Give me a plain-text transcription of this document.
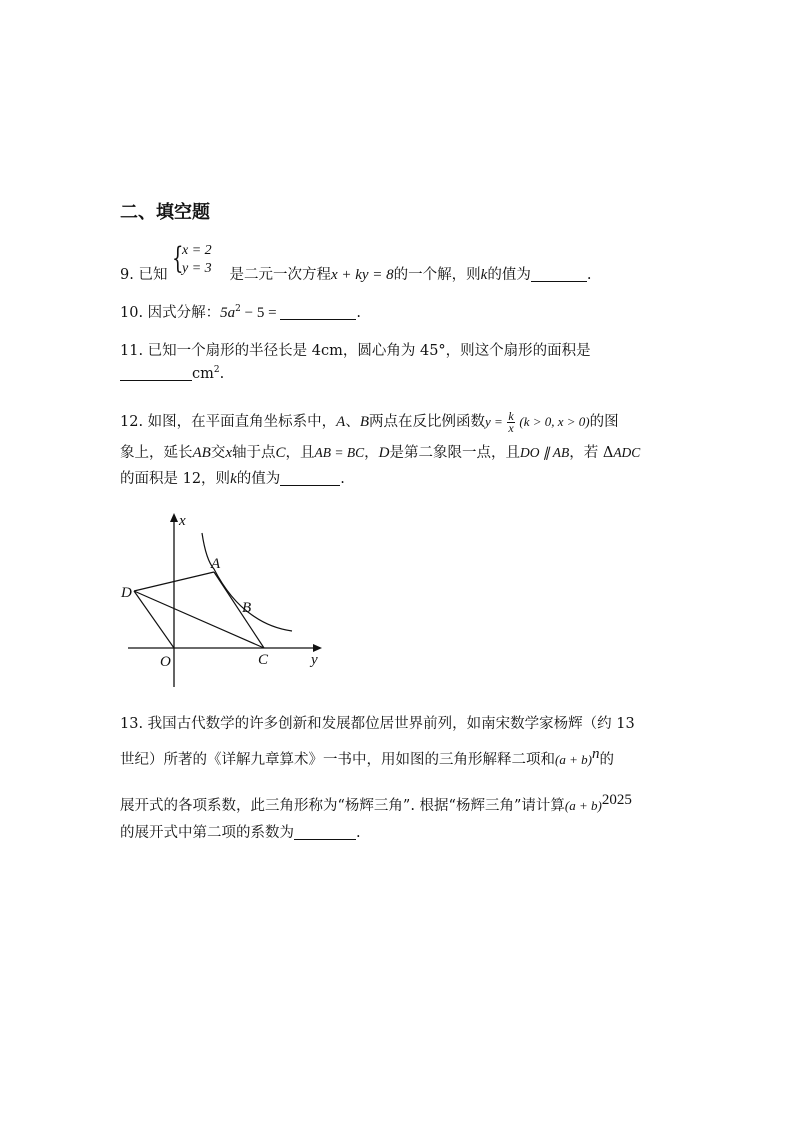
二、填空题
{
x = 2
y = 3
9. 已知	是二元一次方程x + ky = 8的一个解，则k的值为	.
10. 因式分解：$5a^2 - 5$ =	.
11. 已知一个扇形的半径长是 4cm，圆心角为 45°，则这个扇形的面积是
$cm^2$.
12. 如图，在平面直角坐标系中，A、B两点在反比例函数$y = \frac{k}{x} (k > 0$, x > 0)的图
象上，延长AB交x轴于点C，且AB = BC，D是第二象限一点，且DO ∥ AB，若 ΔADC
的面积是 12，则k的值为	.
x
y
A
B
C
D
O
13. 我国古代数学的许多创新和发展都位居世界前列，如南宋数学家杨辉（约 13
世纪）所著的《详解九章算术》一书中，用如图的三角形解释二项和$(a + b)^n$的
展开式的各项系数，此三角形称为“杨辉三角”. 根据“杨辉三角”请计算$(a + b)^{2025}$
的展开式中第二项的系数为	.
